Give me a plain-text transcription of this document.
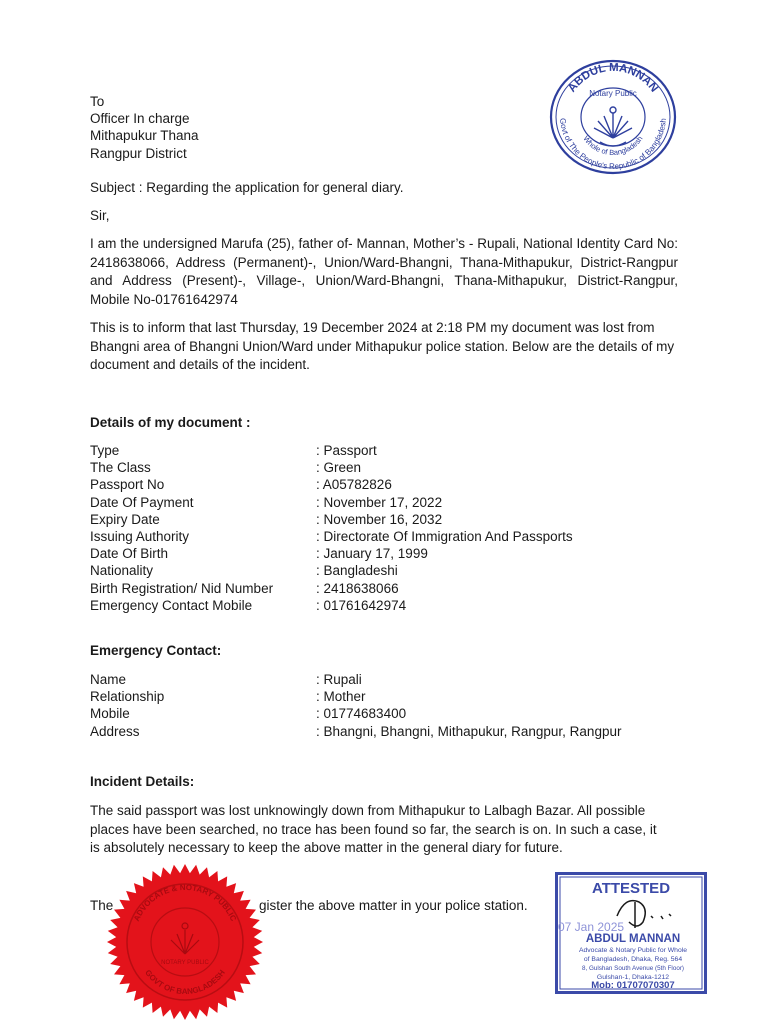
To
Officer In charge
Mithapukur Thana
Rangpur District
Subject : Regarding the application for general diary.
Sir,
I am the undersigned Marufa (25), father of- Mannan, Mother’s - Rupali, National Identity Card No: 2418638066, Address (Permanent)-, Union/Ward-Bhangni, Thana-Mithapukur, District-Rangpur and Address (Present)-, Village-, Union/Ward-Bhangni, Thana-Mithapukur, District-Rangpur, Mobile No-01761642974
This is to inform that last Thursday, 19 December 2024 at 2:18 PM my document was lost from Bhangni area of Bhangni Union/Ward under Mithapukur police station. Below are the details of my document and details of the incident.
Details of my document :
Type	: Passport
The Class	: Green
Passport No	: A05782826
Date Of Payment	: November 17, 2022
Expiry Date	: November 16, 2032
Issuing Authority	: Directorate Of Immigration And Passports
Date Of Birth	: January 17, 1999
Nationality	: Bangladeshi
Birth Registration/ Nid Number	: 2418638066
Emergency Contact Mobile	: 01761642974
Emergency Contact:
Name	: Rupali
Relationship	: Mother
Mobile	: 01774683400
Address	: Bhangni, Bhangni, Mithapukur, Rangpur, Rangpur
Incident Details:
The said passport was lost unknowingly down from Mithapukur to Lalbagh Bazar. All possible places have been searched, no trace has been found so far, the search is on. In such a case, it is absolutely necessary to keep the above matter in the general diary for future.
The	gister the above matter in your police station.
ABDUL MANNAN
Govt of The People's Republic of Bangladesh
Notary Public
Whole of Bangladesh
ADVOCATE & NOTARY PUBLIC
GOVT OF BANGLADESH
NOTARY PUBLIC
ATTESTED
07 Jan 2025
ABDUL MANNAN
Advocate & Notary Public for Whole
of Bangladesh, Dhaka, Reg. 564
8, Gulshan South Avenue (5th Floor)
Gulshan-1, Dhaka-1212
Mob: 01707070307
